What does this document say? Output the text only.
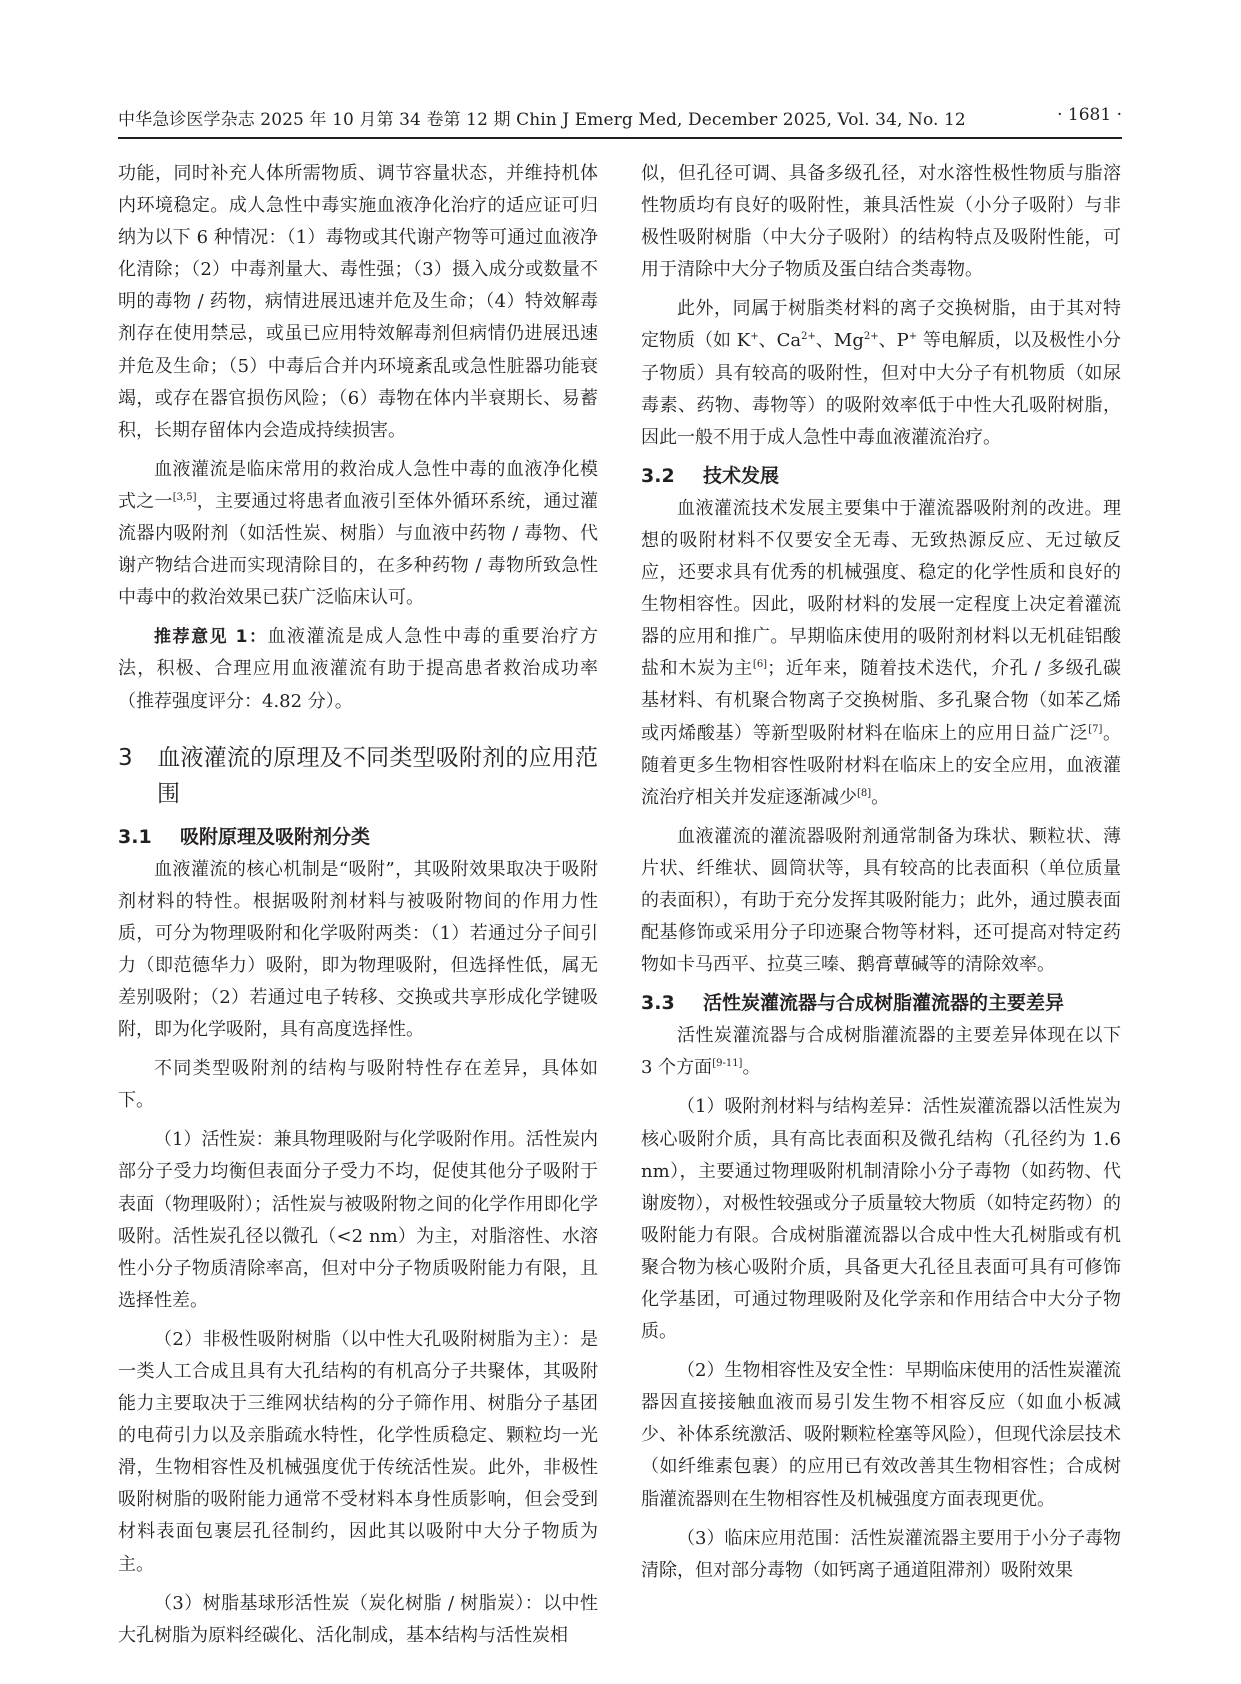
中华急诊医学杂志 2025 年 10 月第 34 卷第 12 期 Chin J Emerg Med, December 2025, Vol. 34, No. 12	· 1681 ·

功能，同时补充人体所需物质、调节容量状态，并维持机体内环境稳定。成人急性中毒实施血液净化治疗的适应证可归纳为以下 6 种情况：（1）毒物或其代谢产物等可通过血液净化清除；（2）中毒剂量大、毒性强；（3）摄入成分或数量不明的毒物 / 药物，病情进展迅速并危及生命；（4）特效解毒剂存在使用禁忌，或虽已应用特效解毒剂但病情仍进展迅速并危及生命；（5）中毒后合并内环境紊乱或急性脏器功能衰竭，或存在器官损伤风险；（6）毒物在体内半衰期长、易蓄积，长期存留体内会造成持续损害。

血液灌流是临床常用的救治成人急性中毒的血液净化模式之一[3,5]，主要通过将患者血液引至体外循环系统，通过灌流器内吸附剂（如活性炭、树脂）与血液中药物 / 毒物、代谢产物结合进而实现清除目的，在多种药物 / 毒物所致急性中毒中的救治效果已获广泛临床认可。

推荐意见 1：血液灌流是成人急性中毒的重要治疗方法，积极、合理应用血液灌流有助于提高患者救治成功率（推荐强度评分：4.82 分）。

3 血液灌流的原理及不同类型吸附剂的应用范围
3.1 吸附原理及吸附剂分类

血液灌流的核心机制是“吸附”，其吸附效果取决于吸附剂材料的特性。根据吸附剂材料与被吸附物间的作用力性质，可分为物理吸附和化学吸附两类：（1）若通过分子间引力（即范德华力）吸附，即为物理吸附，但选择性低，属无差别吸附；（2）若通过电子转移、交换或共享形成化学键吸附，即为化学吸附，具有高度选择性。

不同类型吸附剂的结构与吸附特性存在差异，具体如下。

（1）活性炭：兼具物理吸附与化学吸附作用。活性炭内部分子受力均衡但表面分子受力不均，促使其他分子吸附于表面（物理吸附）；活性炭与被吸附物之间的化学作用即化学吸附。活性炭孔径以微孔（<2 nm）为主，对脂溶性、水溶性小分子物质清除率高，但对中分子物质吸附能力有限，且选择性差。

（2）非极性吸附树脂（以中性大孔吸附树脂为主）：是一类人工合成且具有大孔结构的有机高分子共聚体，其吸附能力主要取决于三维网状结构的分子筛作用、树脂分子基团的电荷引力以及亲脂疏水特性，化学性质稳定、颗粒均一光滑，生物相容性及机械强度优于传统活性炭。此外，非极性吸附树脂的吸附能力通常不受材料本身性质影响，但会受到材料表面包裹层孔径制约，因此其以吸附中大分子物质为主。

（3）树脂基球形活性炭（炭化树脂 / 树脂炭）：以中性大孔树脂为原料经碳化、活化制成，基本结构与活性炭相

似，但孔径可调、具备多级孔径，对水溶性极性物质与脂溶性物质均有良好的吸附性，兼具活性炭（小分子吸附）与非极性吸附树脂（中大分子吸附）的结构特点及吸附性能，可用于清除中大分子物质及蛋白结合类毒物。

此外，同属于树脂类材料的离子交换树脂，由于其对特定物质（如 K+、$Ca^{2+}$、$Mg^{2+}$、P+ 等电解质，以及极性小分子物质）具有较高的吸附性，但对中大分子有机物质（如尿毒素、药物、毒物等）的吸附效率低于中性大孔吸附树脂，因此一般不用于成人急性中毒血液灌流治疗。

3.2 技术发展

血液灌流技术发展主要集中于灌流器吸附剂的改进。理想的吸附材料不仅要安全无毒、无致热源反应、无过敏反应，还要求具有优秀的机械强度、稳定的化学性质和良好的生物相容性。因此，吸附材料的发展一定程度上决定着灌流器的应用和推广。早期临床使用的吸附剂材料以无机硅铝酸盐和木炭为主[6]；近年来，随着技术迭代，介孔 / 多级孔碳基材料、有机聚合物离子交换树脂、多孔聚合物（如苯乙烯或丙烯酸基）等新型吸附材料在临床上的应用日益广泛[7]。随着更多生物相容性吸附材料在临床上的安全应用，血液灌流治疗相关并发症逐渐减少[8]。

血液灌流的灌流器吸附剂通常制备为珠状、颗粒状、薄片状、纤维状、圆筒状等，具有较高的比表面积（单位质量的表面积），有助于充分发挥其吸附能力；此外，通过膜表面配基修饰或采用分子印迹聚合物等材料，还可提高对特定药物如卡马西平、拉莫三嗪、鹅膏蕈碱等的清除效率。

3.3 活性炭灌流器与合成树脂灌流器的主要差异

活性炭灌流器与合成树脂灌流器的主要差异体现在以下 3 个方面[9-11]。

（1）吸附剂材料与结构差异：活性炭灌流器以活性炭为核心吸附介质，具有高比表面积及微孔结构（孔径约为 1.6 nm），主要通过物理吸附机制清除小分子毒物（如药物、代谢废物），对极性较强或分子质量较大物质（如特定药物）的吸附能力有限。合成树脂灌流器以合成中性大孔树脂或有机聚合物为核心吸附介质，具备更大孔径且表面可具有可修饰化学基团，可通过物理吸附及化学亲和作用结合中大分子物质。

（2）生物相容性及安全性：早期临床使用的活性炭灌流器因直接接触血液而易引发生物不相容反应（如血小板减少、补体系统激活、吸附颗粒栓塞等风险），但现代涂层技术（如纤维素包裹）的应用已有效改善其生物相容性；合成树脂灌流器则在生物相容性及机械强度方面表现更优。

（3）临床应用范围：活性炭灌流器主要用于小分子毒物清除，但对部分毒物（如钙离子通道阻滞剂）吸附效果
